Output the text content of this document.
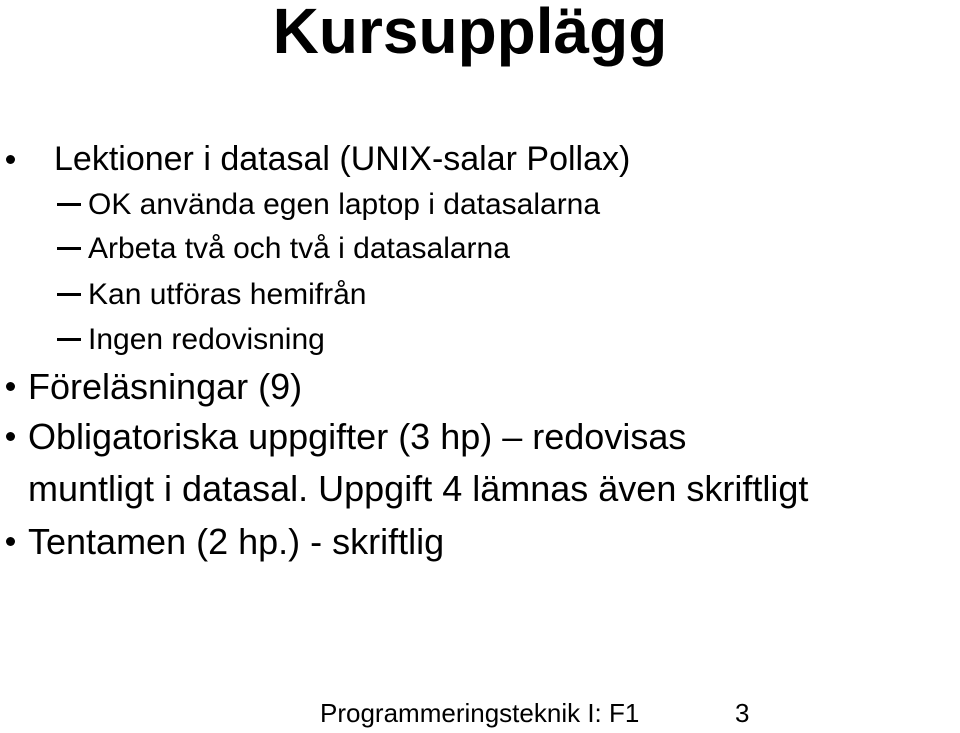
Kursupplägg
Lektioner i datasal (UNIX-salar Pollax)
OK använda egen laptop i datasalarna
Arbeta två och två i datasalarna
Kan utföras hemifrån
Ingen redovisning
Föreläsningar (9)
Obligatoriska uppgifter (3 hp) – redovisas
muntligt i datasal. Uppgift 4 lämnas även skriftligt
Tentamen (2 hp.) - skriftlig
Programmeringsteknik I: F1	3
